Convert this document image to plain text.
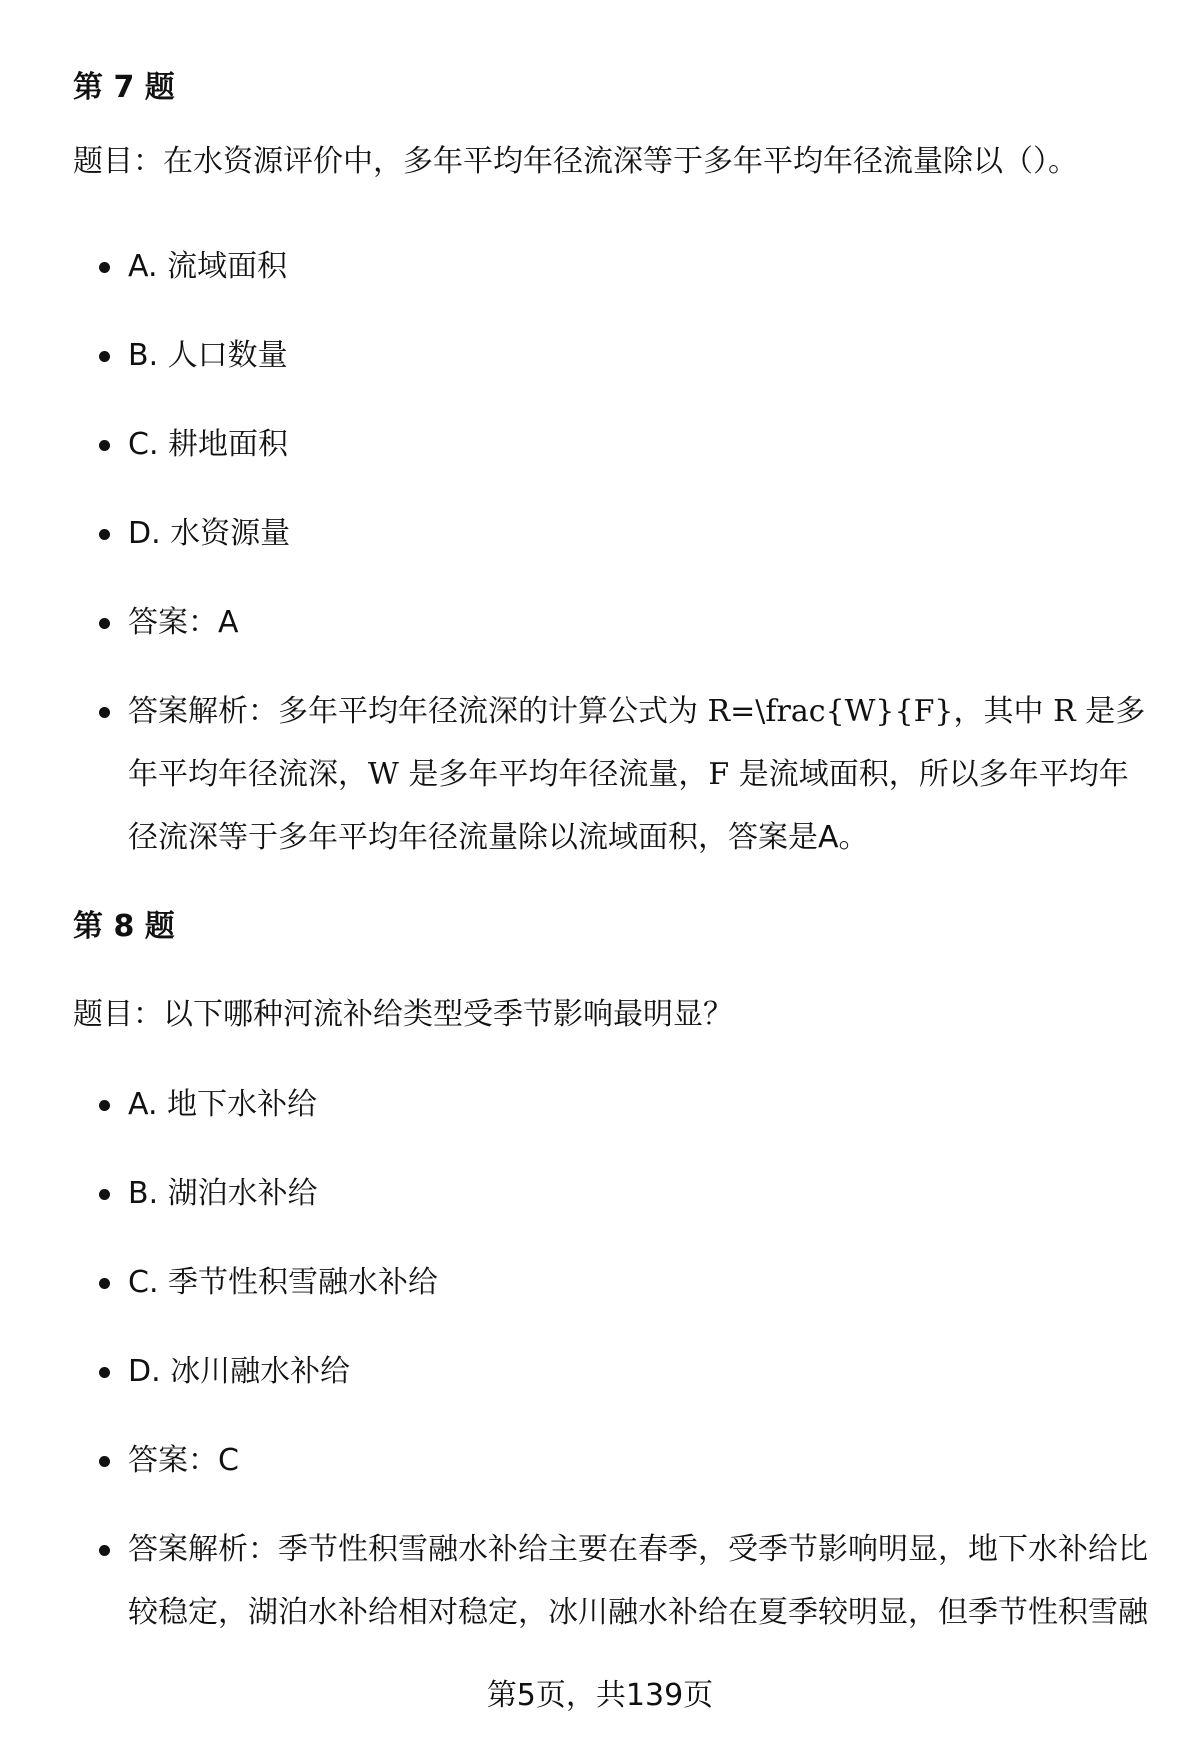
第 7 题
题目：在水资源评价中，多年平均年径流深等于多年平均年径流量除以（）。
A. 流域面积
B. 人口数量
C. 耕地面积
D. 水资源量
答案：A
答案解析：多年平均年径流深的计算公式为 R=\frac{W}{F}，其中 R 是多年平均年径流深，W 是多年平均年径流量，F 是流域面积，所以多年平均年径流深等于多年平均年径流量除以流域面积，答案是A。
第 8 题
题目：以下哪种河流补给类型受季节影响最明显？
A. 地下水补给
B. 湖泊水补给
C. 季节性积雪融水补给
D. 冰川融水补给
答案：C
答案解析：季节性积雪融水补给主要在春季，受季节影响明显，地下水补给比较稳定，湖泊水补给相对稳定，冰川融水补给在夏季较明显，但季节性积雪融
第5页，共139页
